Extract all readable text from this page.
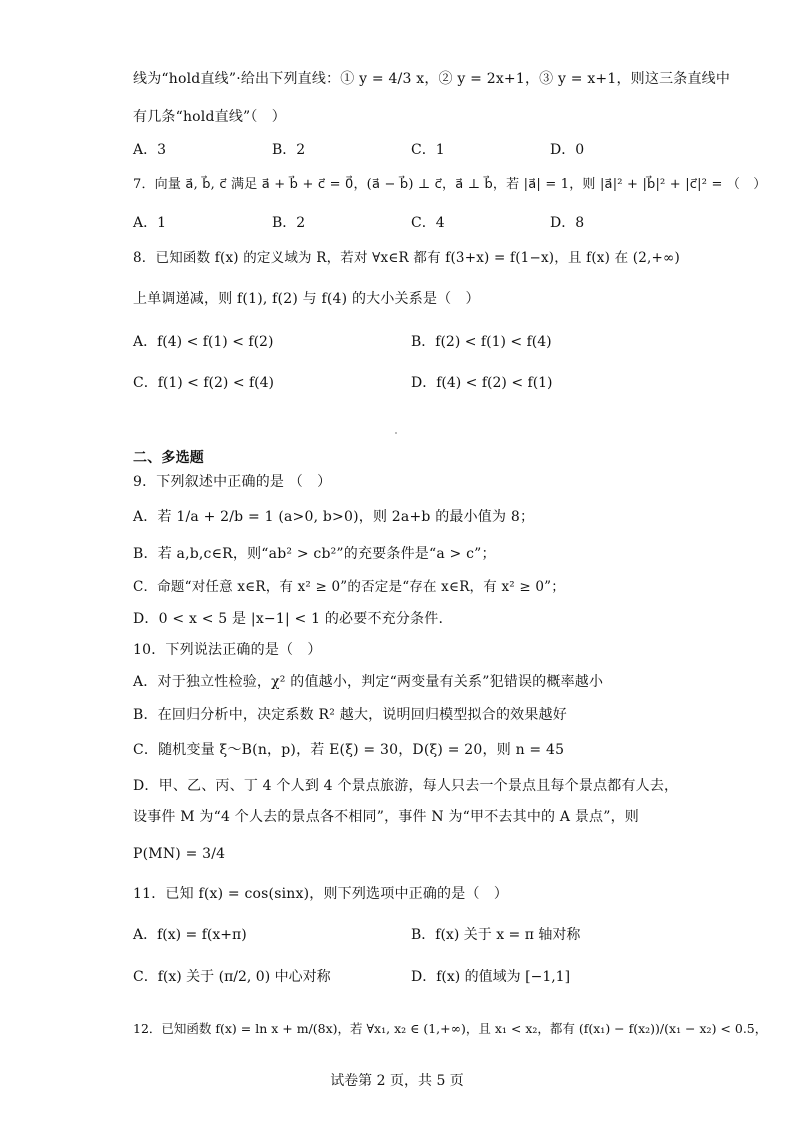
线为“hold直线”·给出下列直线：① y = 4/3 x，② y = 2x+1，③ y = x+1，则这三条直线中
有几条“hold直线”（　）
A．3	B．2	C．1	D．0
7．向量 a⃗, b⃗, c⃗ 满足 a⃗ + b⃗ + c⃗ = 0⃗，(a⃗ − b⃗) ⊥ c⃗，a⃗ ⊥ b⃗，若 |a⃗| = 1，则 |a⃗|² + |b⃗|² + |c⃗|² = （　）
A．1	B．2	C．4	D．8
8．已知函数 f(x) 的定义域为 R，若对 ∀x∈R 都有 f(3+x) = f(1−x)，且 f(x) 在 (2,+∞)
上单调递减，则 f(1), f(2) 与 f(4) 的大小关系是（　）
A．f(4) < f(1) < f(2)	B．f(2) < f(1) < f(4)
C．f(1) < f(2) < f(4)	D．f(4) < f(2) < f(1)
二、多选题
9．下列叙述中正确的是 （　）
A．若 1/a + 2/b = 1 (a>0, b>0)，则 2a+b 的最小值为 8；
B．若 a,b,c∈R，则“ab² > cb²”的充要条件是“a > c”；
C．命题“对任意 x∈R，有 x² ≥ 0”的否定是“存在 x∈R，有 x² ≥ 0”；
D．0 < x < 5 是 |x−1| < 1 的必要不充分条件.
10．下列说法正确的是（　）
A．对于独立性检验，χ² 的值越小，判定“两变量有关系”犯错误的概率越小
B．在回归分析中，决定系数 R² 越大，说明回归模型拟合的效果越好
C．随机变量 ξ～B(n，p)，若 E(ξ) = 30，D(ξ) = 20，则 n = 45
D．甲、乙、丙、丁 4 个人到 4 个景点旅游，每人只去一个景点且每个景点都有人去，
设事件 M 为“4 个人去的景点各不相同”，事件 N 为“甲不去其中的 A 景点”，则
P(MN) = 3/4
11．已知 f(x) = cos(sinx)，则下列选项中正确的是（　）
A．f(x) = f(x+π)	B．f(x) 关于 x = π 轴对称
C．f(x) 关于 (π/2, 0) 中心对称	D．f(x) 的值域为 [−1,1]
12．已知函数 f(x) = ln x + m/(8x)，若 ∀x₁, x₂ ∈ (1,+∞)，且 x₁ < x₂，都有 (f(x₁) − f(x₂))/(x₁ − x₂) < 0.5，
试卷第 2 页，共 5 页
